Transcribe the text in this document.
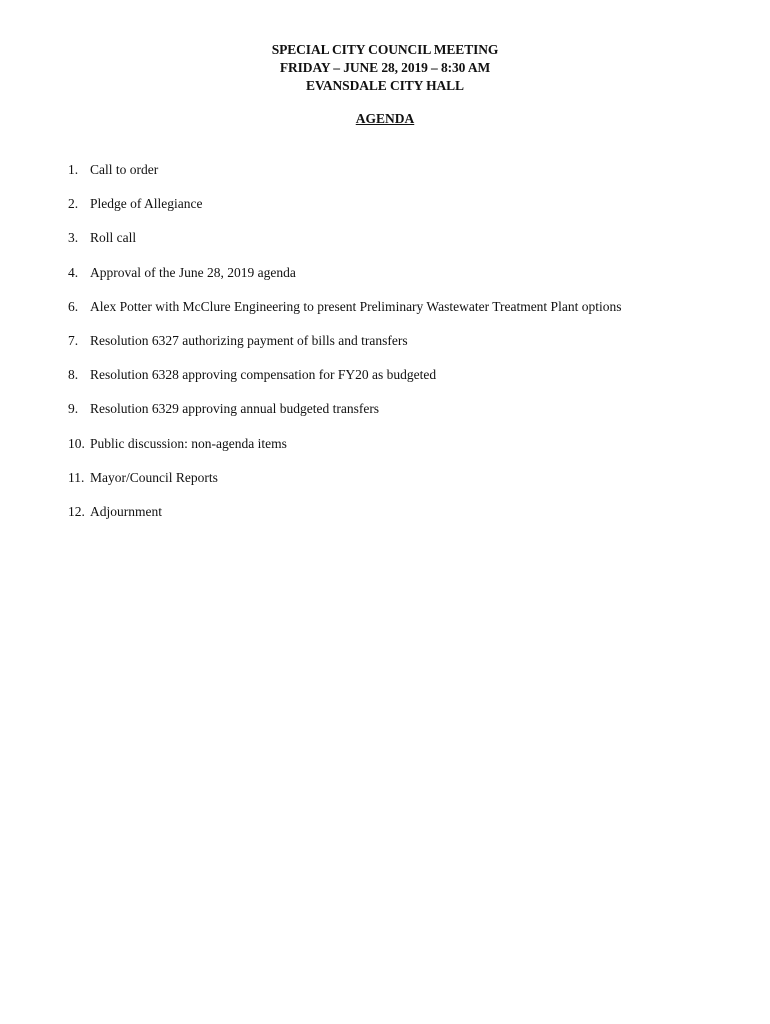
SPECIAL CITY COUNCIL MEETING
FRIDAY – JUNE 28, 2019 – 8:30 AM
EVANSDALE CITY HALL
AGENDA
1. Call to order
2. Pledge of Allegiance
3. Roll call
4. Approval of the June 28, 2019 agenda
6. Alex Potter with McClure Engineering to present Preliminary Wastewater Treatment Plant options
7. Resolution 6327 authorizing payment of bills and transfers
8. Resolution 6328 approving compensation for FY20 as budgeted
9. Resolution 6329 approving annual budgeted transfers
10. Public discussion: non-agenda items
11. Mayor/Council Reports
12. Adjournment
